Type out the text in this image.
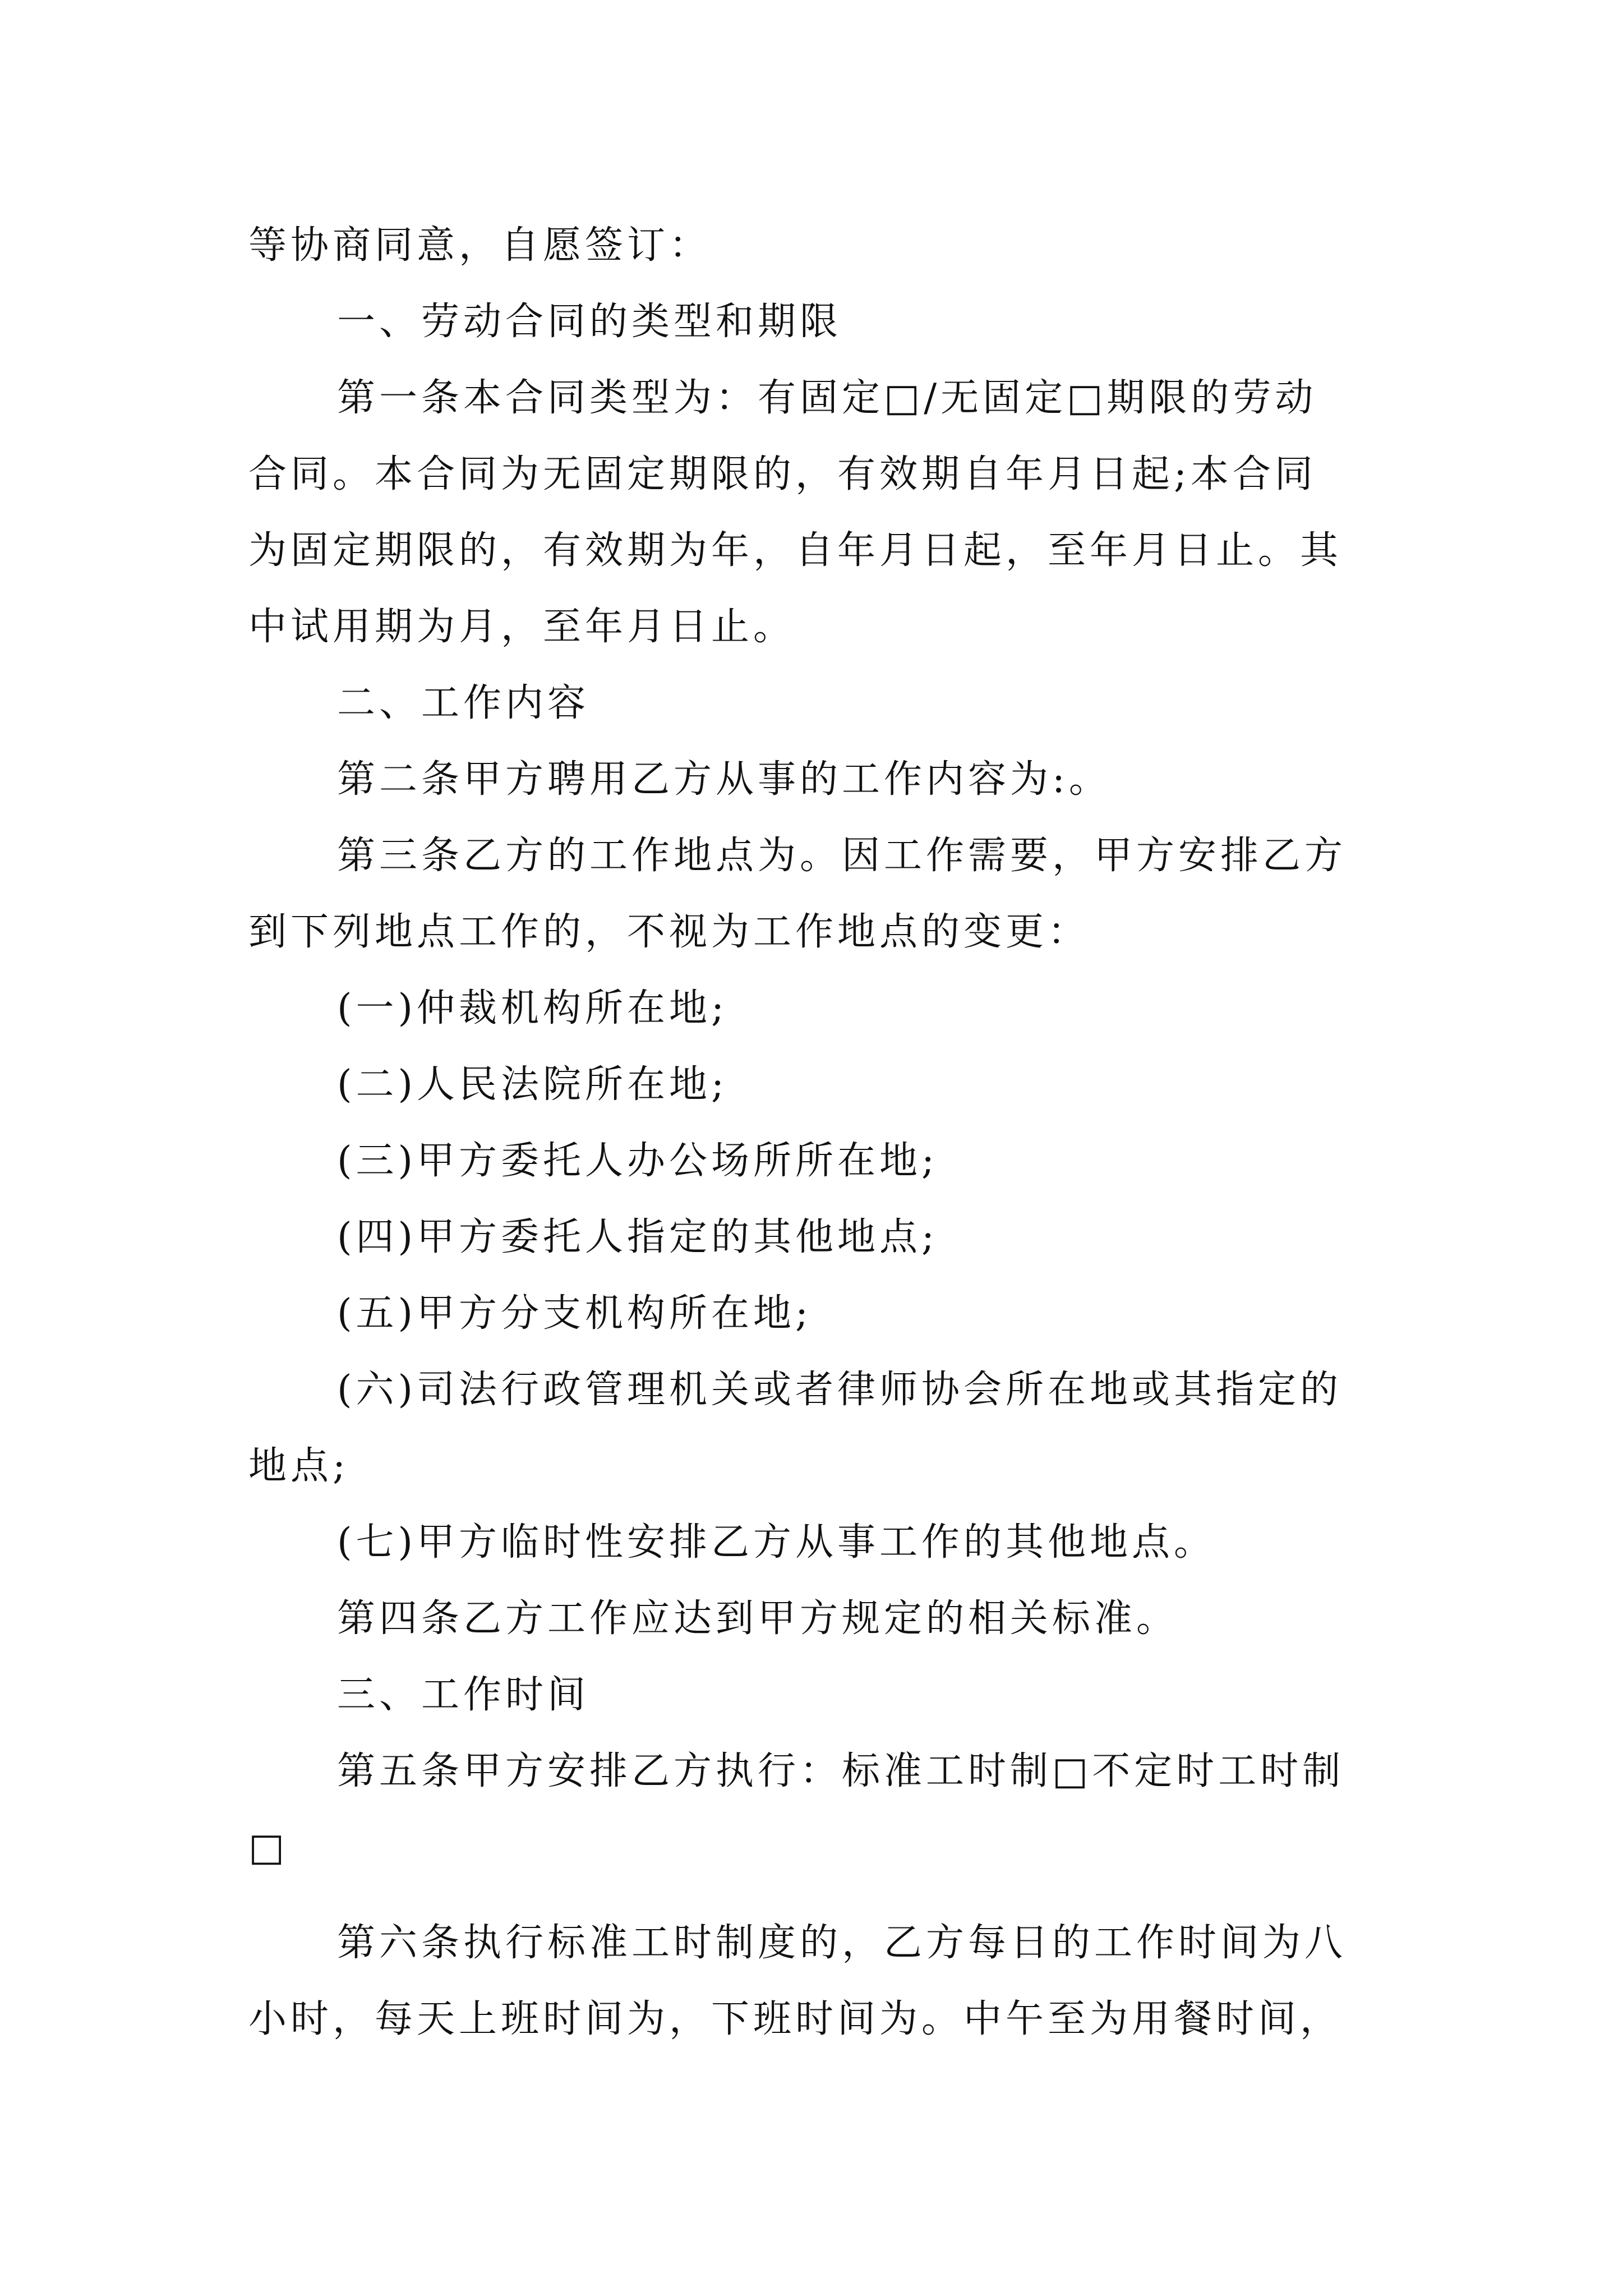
等协商同意，自愿签订：
一、劳动合同的类型和期限
第一条本合同类型为：有固定□/无固定□期限的劳动
合同。本合同为无固定期限的，有效期自年月日起;本合同
为固定期限的，有效期为年，自年月日起，至年月日止。其
中试用期为月，至年月日止。
二、工作内容
第二条甲方聘用乙方从事的工作内容为:。
第三条乙方的工作地点为。因工作需要，甲方安排乙方
到下列地点工作的，不视为工作地点的变更：
(一)仲裁机构所在地;
(二)人民法院所在地;
(三)甲方委托人办公场所所在地;
(四)甲方委托人指定的其他地点;
(五)甲方分支机构所在地;
(六)司法行政管理机关或者律师协会所在地或其指定的
地点;
(七)甲方临时性安排乙方从事工作的其他地点。
第四条乙方工作应达到甲方规定的相关标准。
三、工作时间
第五条甲方安排乙方执行：标准工时制□不定时工时制
□
第六条执行标准工时制度的，乙方每日的工作时间为八
小时，每天上班时间为，下班时间为。中午至为用餐时间，
